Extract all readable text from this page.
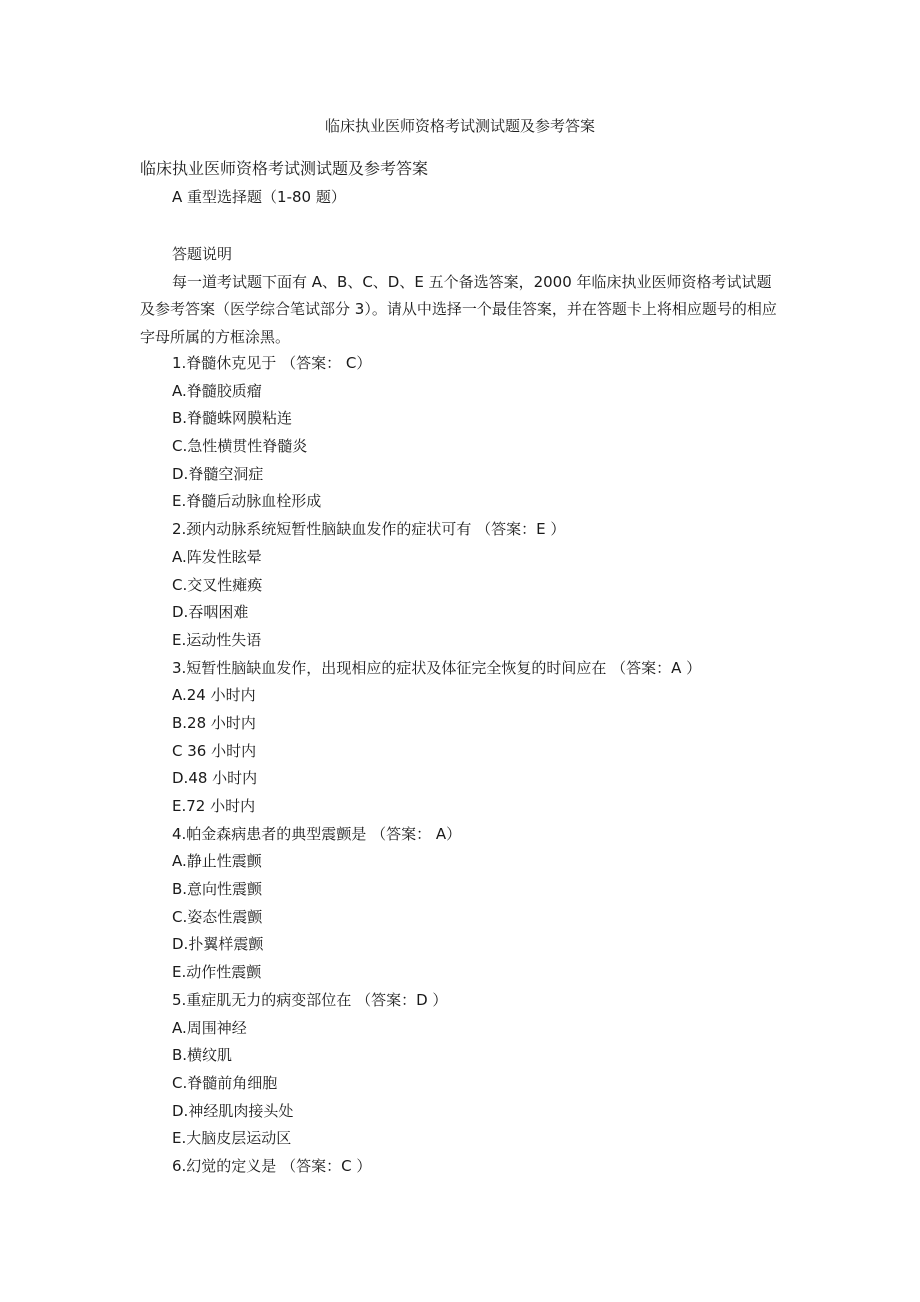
临床执业医师资格考试测试题及参考答案
临床执业医师资格考试测试题及参考答案
A 重型选择题（1-80 题）
答题说明
每一道考试题下面有 A、B、C、D、E 五个备选答案，2000 年临床执业医师资格考试试题及参考答案（医学综合笔试部分 3）。请从中选择一个最佳答案，并在答题卡上将相应题号的相应字母所属的方框涂黑。
1.脊髓休克见于 （答案： C）
A.脊髓胶质瘤
B.脊髓蛛网膜粘连
C.急性横贯性脊髓炎
D.脊髓空洞症
E.脊髓后动脉血栓形成
2.颈内动脉系统短暂性脑缺血发作的症状可有 （答案：E ）
A.阵发性眩晕
C.交叉性瘫痪
D.吞咽困难
E.运动性失语
3.短暂性脑缺血发作，出现相应的症状及体征完全恢复的时间应在 （答案：A ）
A.24 小时内
B.28 小时内
C 36 小时内
D.48 小时内
E.72 小时内
4.帕金森病患者的典型震颤是 （答案： A）
A.静止性震颤
B.意向性震颤
C.姿态性震颤
D.扑翼样震颤
E.动作性震颤
5.重症肌无力的病变部位在 （答案：D ）
A.周围神经
B.横纹肌
C.脊髓前角细胞
D.神经肌肉接头处
E.大脑皮层运动区
6.幻觉的定义是 （答案：C ）
